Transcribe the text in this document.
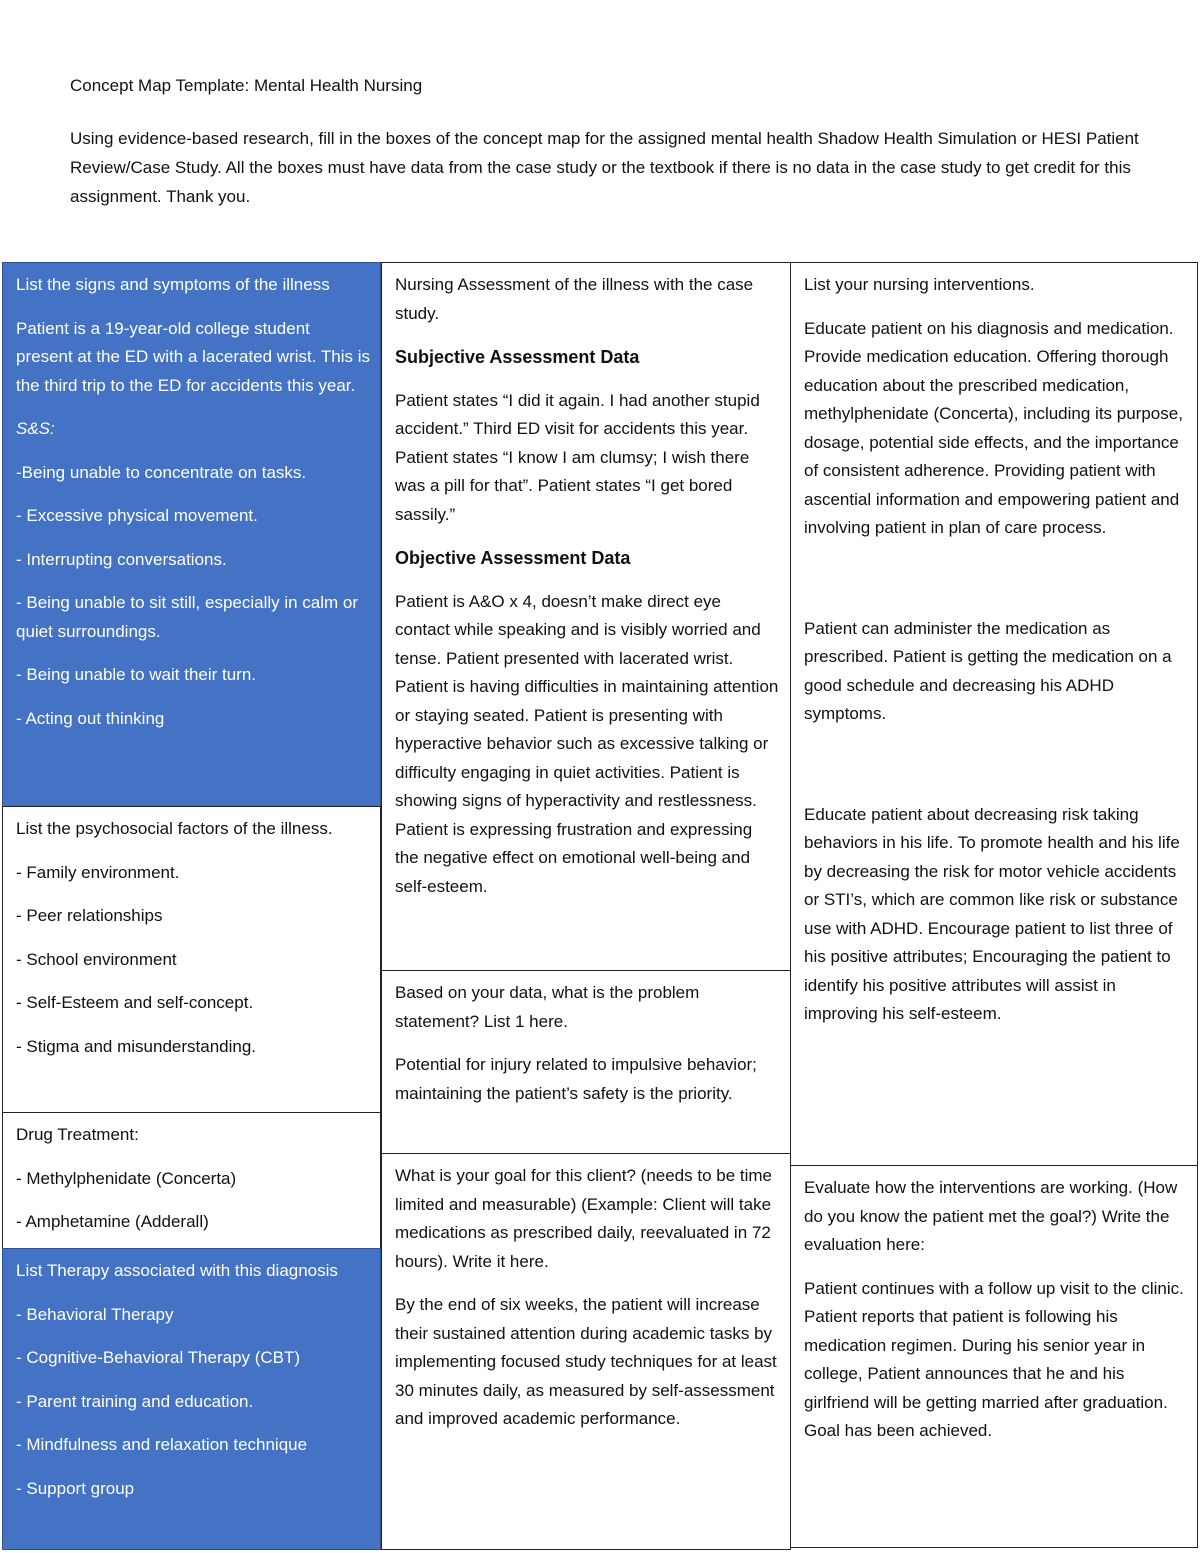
Concept Map Template: Mental Health Nursing
Using evidence-based research, fill in the boxes of the concept map for the assigned mental health Shadow Health Simulation or HESI Patient Review/Case Study. All the boxes must have data from the case study or the textbook if there is no data in the case study to get credit for this assignment. Thank you.

List the signs and symptoms of the illness

Patient is a 19-year-old college student present at the ED with a lacerated wrist. This is the third trip to the ED for accidents this year.

S&S:

-Being unable to concentrate on tasks.

- Excessive physical movement.

- Interrupting conversations.

- Being unable to sit still, especially in calm or quiet surroundings.

- Being unable to wait their turn.

- Acting out thinking

List the psychosocial factors of the illness.

- Family environment.

- Peer relationships

- School environment

- Self-Esteem and self-concept.

- Stigma and misunderstanding.

Drug Treatment:

- Methylphenidate (Concerta)

- Amphetamine (Adderall)

List Therapy associated with this diagnosis

- Behavioral Therapy

- Cognitive-Behavioral Therapy (CBT)

- Parent training and education.

- Mindfulness and relaxation technique

- Support group

Nursing Assessment of the illness with the case study.

Subjective Assessment Data

Patient states “I did it again. I had another stupid accident.” Third ED visit for accidents this year. Patient states “I know I am clumsy; I wish there was a pill for that”. Patient states “I get bored sassily.”

Objective Assessment Data

Patient is A&O x 4, doesn’t make direct eye contact while speaking and is visibly worried and tense. Patient presented with lacerated wrist. Patient is having difficulties in maintaining attention or staying seated. Patient is presenting with hyperactive behavior such as excessive talking or difficulty engaging in quiet activities. Patient is showing signs of hyperactivity and restlessness. Patient is expressing frustration and expressing the negative effect on emotional well-being and self-esteem.

Based on your data, what is the problem statement? List 1 here.

Potential for injury related to impulsive behavior; maintaining the patient’s safety is the priority.

What is your goal for this client? (needs to be time limited and measurable) (Example: Client will take medications as prescribed daily, reevaluated in 72 hours). Write it here.

By the end of six weeks, the patient will increase their sustained attention during academic tasks by implementing focused study techniques for at least 30 minutes daily, as measured by self-assessment and improved academic performance.

List your nursing interventions.

Educate patient on his diagnosis and medication. Provide medication education. Offering thorough education about the prescribed medication, methylphenidate (Concerta), including its purpose, dosage, potential side effects, and the importance of consistent adherence. Providing patient with ascential information and empowering patient and involving patient in plan of care process.

Patient can administer the medication as prescribed. Patient is getting the medication on a good schedule and decreasing his ADHD symptoms.

Educate patient about decreasing risk taking behaviors in his life. To promote health and his life by decreasing the risk for motor vehicle accidents or STI’s, which are common like risk or substance use with ADHD. Encourage patient to list three of his positive attributes; Encouraging the patient to identify his positive attributes will assist in improving his self-esteem.

Evaluate how the interventions are working. (How do you know the patient met the goal?) Write the evaluation here:

Patient continues with a follow up visit to the clinic. Patient reports that patient is following his medication regimen. During his senior year in college, Patient announces that he and his girlfriend will be getting married after graduation. Goal has been achieved.
